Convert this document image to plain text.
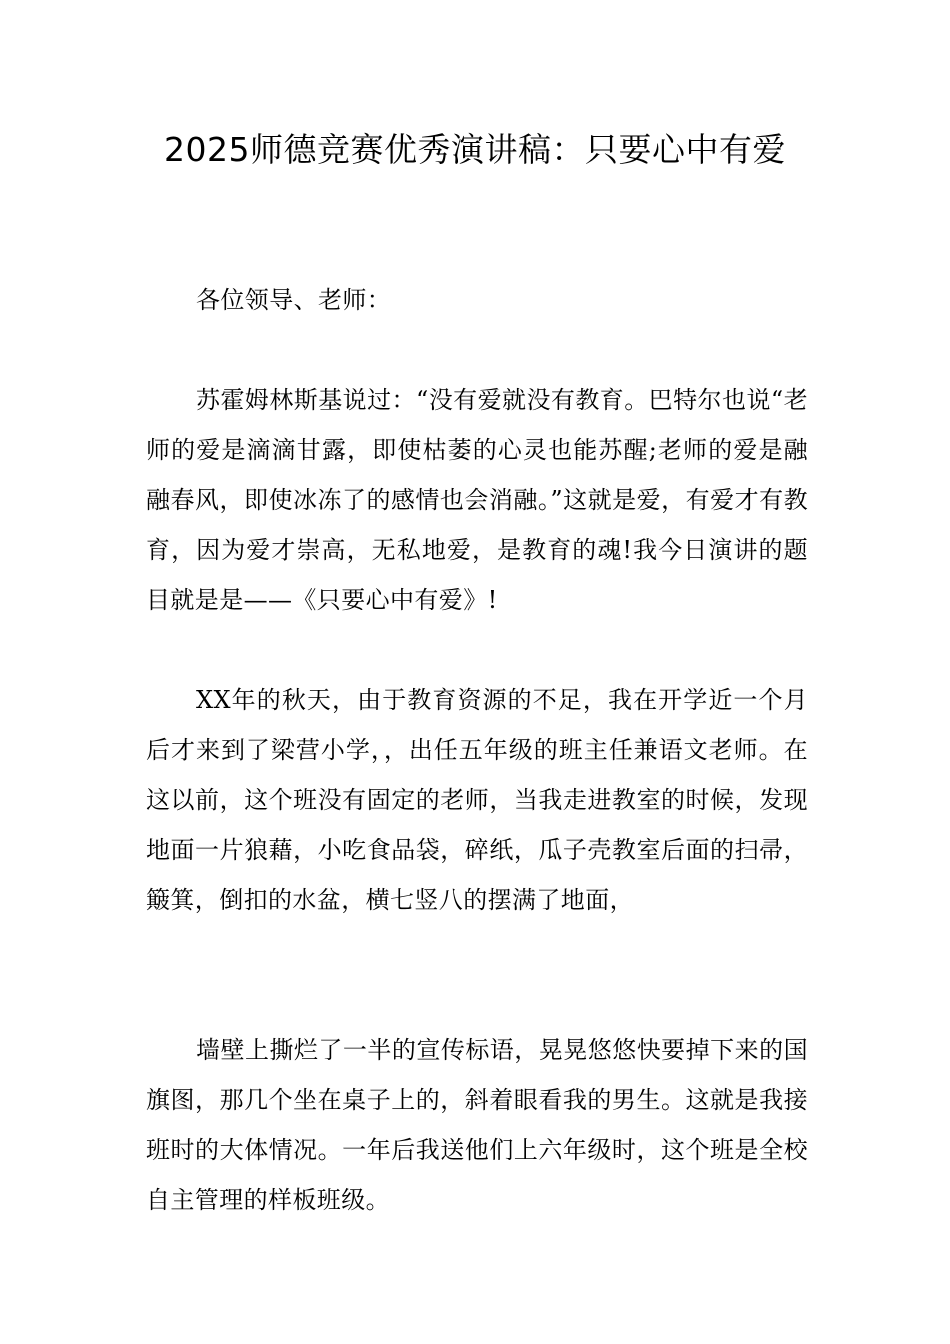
2025师德竞赛优秀演讲稿：只要心中有爱

各位领导、老师：

苏霍姆林斯基说过：“没有爱就没有教育。巴特尔也说“老师的爱是滴滴甘露，即使枯萎的心灵也能苏醒;老师的爱是融融春风，即使冰冻了的感情也会消融。”这就是爱，有爱才有教育，因为爱才崇高，无私地爱，是教育的魂!我今日演讲的题目就是是——《只要心中有爱》!

XX年的秋天，由于教育资源的不足，我在开学近一个月后才来到了梁营小学，，出任五年级的班主任兼语文老师。在这以前，这个班没有固定的老师，当我走进教室的时候，发现地面一片狼藉，小吃食品袋，碎纸，瓜子壳教室后面的扫帚，簸箕，倒扣的水盆，横七竖八的摆满了地面，

墙壁上撕烂了一半的宣传标语，晃晃悠悠快要掉下来的国旗图，那几个坐在桌子上的，斜着眼看我的男生。这就是我接班时的大体情况。一年后我送他们上六年级时，这个班是全校自主管理的样板班级。
